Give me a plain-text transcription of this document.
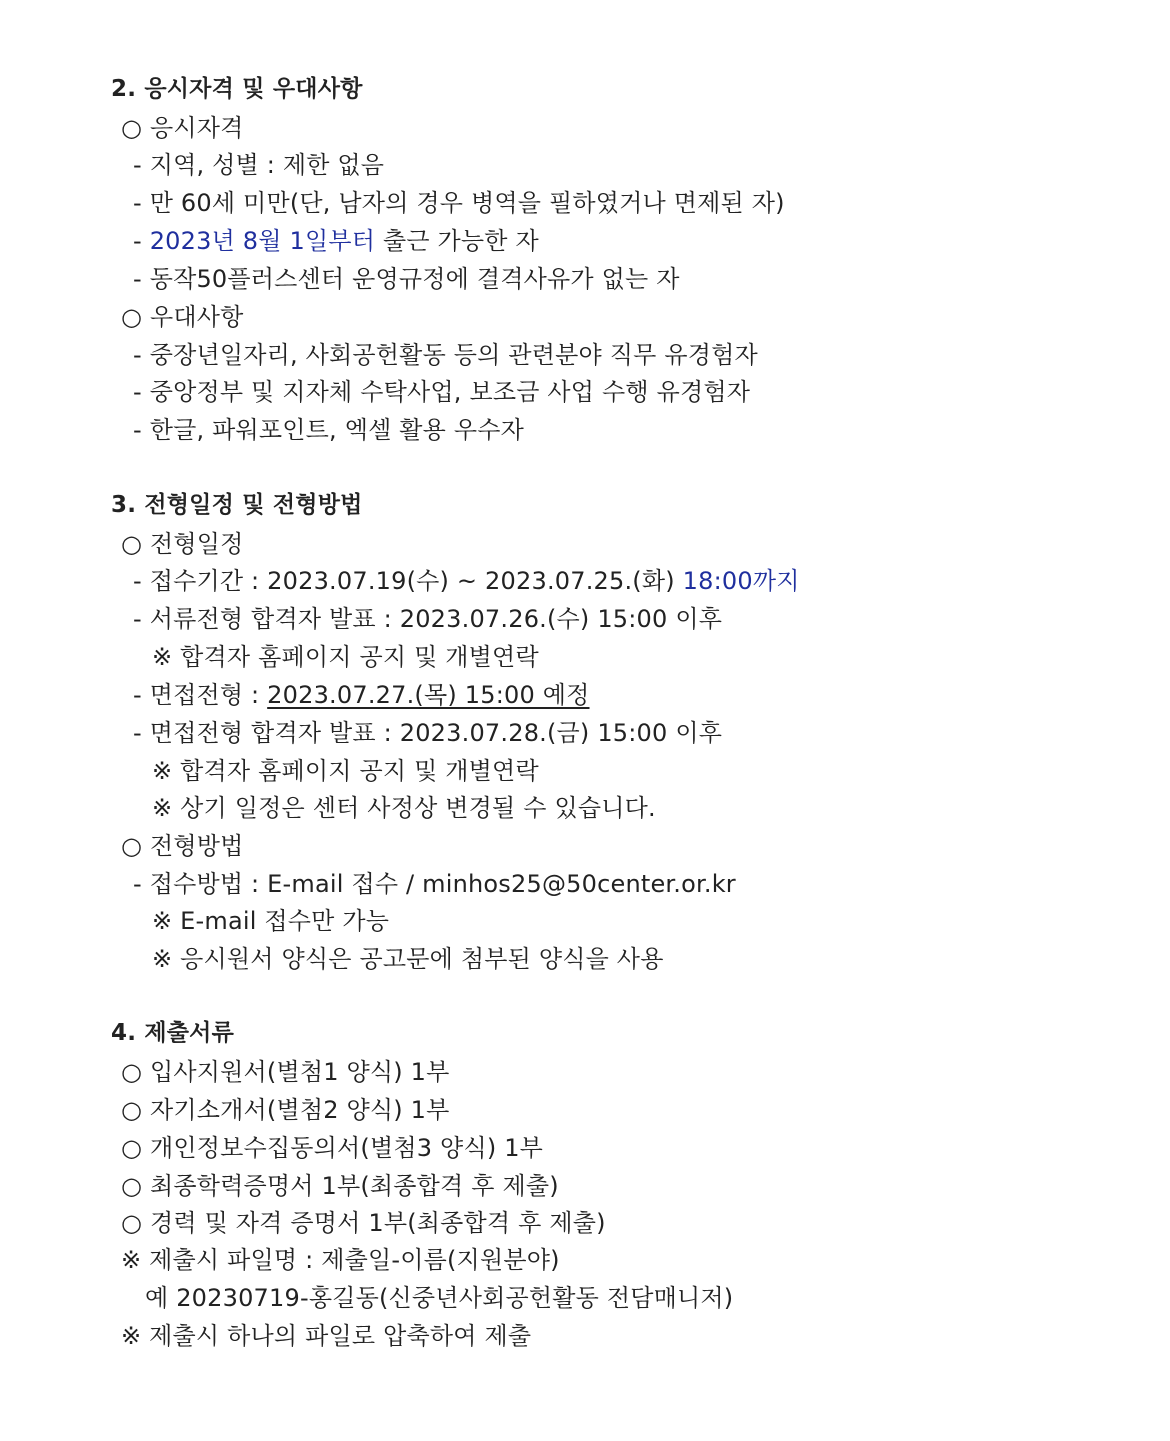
2. 응시자격 및 우대사항
○ 응시자격
- 지역, 성별 : 제한 없음
- 만 60세 미만(단, 남자의 경우 병역을 필하였거나 면제된 자)
- 2023년 8월 1일부터 출근 가능한 자
- 동작50플러스센터 운영규정에 결격사유가 없는 자
○ 우대사항
- 중장년일자리, 사회공헌활동 등의 관련분야 직무 유경험자
- 중앙정부 및 지자체 수탁사업, 보조금 사업 수행 유경험자
- 한글, 파워포인트, 엑셀 활용 우수자
3. 전형일정 및 전형방법
○ 전형일정
- 접수기간 : 2023.07.19(수) ~ 2023.07.25.(화) 18:00까지
- 서류전형 합격자 발표 : 2023.07.26.(수) 15:00 이후
※ 합격자 홈페이지 공지 및 개별연락
- 면접전형 : 2023.07.27.(목) 15:00 예정
- 면접전형 합격자 발표 : 2023.07.28.(금) 15:00 이후
※ 합격자 홈페이지 공지 및 개별연락
※ 상기 일정은 센터 사정상 변경될 수 있습니다.
○ 전형방법
- 접수방법 : E-mail 접수 / minhos25@50center.or.kr
※ E-mail 접수만 가능
※ 응시원서 양식은 공고문에 첨부된 양식을 사용
4. 제출서류
○ 입사지원서(별첨1 양식) 1부
○ 자기소개서(별첨2 양식) 1부
○ 개인정보수집동의서(별첨3 양식) 1부
○ 최종학력증명서 1부(최종합격 후 제출)
○ 경력 및 자격 증명서 1부(최종합격 후 제출)
※ 제출시 파일명 : 제출일-이름(지원분야)
예 20230719-홍길동(신중년사회공헌활동 전담매니저)
※ 제출시 하나의 파일로 압축하여 제출
